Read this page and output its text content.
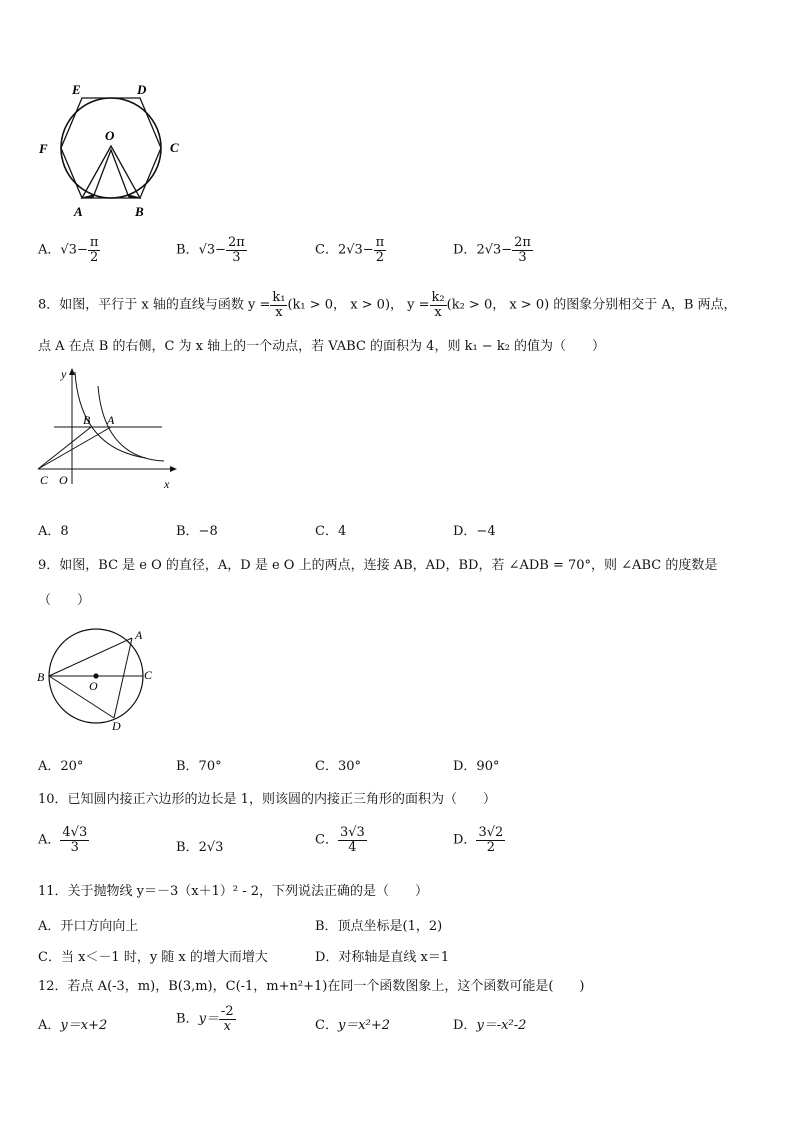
E	D
F	C
O
A	B
A．$√3- \frac{\pi}{2}$	B．$√3- \frac{2\pi}{3}$	C．$2√3- \frac{\pi}{2}$	D．$2√3- \frac{2\pi}{3}$
8．如图，平行于 x 轴的直线与函数 $y = \frac{\text{k₁}}{x} (k_1 > 0$， x > 0)， $y = \frac{\text{k₂}}{x} (k_2 > 0$， x > 0) 的图象分别相交于 A，B 两点，
点 A 在点 B 的右侧，C 为 x 轴上的一个动点，若 VABC 的面积为 4，则 k₁ − k₂ 的值为（　　）
y
x
B A
C O
A．8	B．−8	C．4	D．−4
9．如图，BC 是 e O 的直径，A，D 是 e O 上的两点，连接 AB，AD，BD，若 ∠ADB = 70°，则 ∠ABC 的度数是
（　　）
A
B	C
O
D
A．20°	B．70°	C．30°	D．90°
10．已知圆内接正六边形的边长是 1，则该圆的内接正三角形的面积为（　　）
A． $\frac{4√3}{3}$	B．2√3	C． $\frac{3√3}{4}$	D． $\frac{3√2}{2}$
11．关于抛物线 y＝－3（x＋1）² - 2，下列说法正确的是（　　）
A．开口方向向上	B．顶点坐标是(1，2)
C．当 x＜－1 时，y 随 x 的增大而增大	D．对称轴是直线 x＝1
12．若点 A(-3，m)，B(3,m)，C(-1，m+n²+1)在同一个函数图象上，这个函数可能是(　　)
A．y＝x+2	B．$y= \frac{-2}{x}$	C．y＝x²+2	D．y＝-x²-2
